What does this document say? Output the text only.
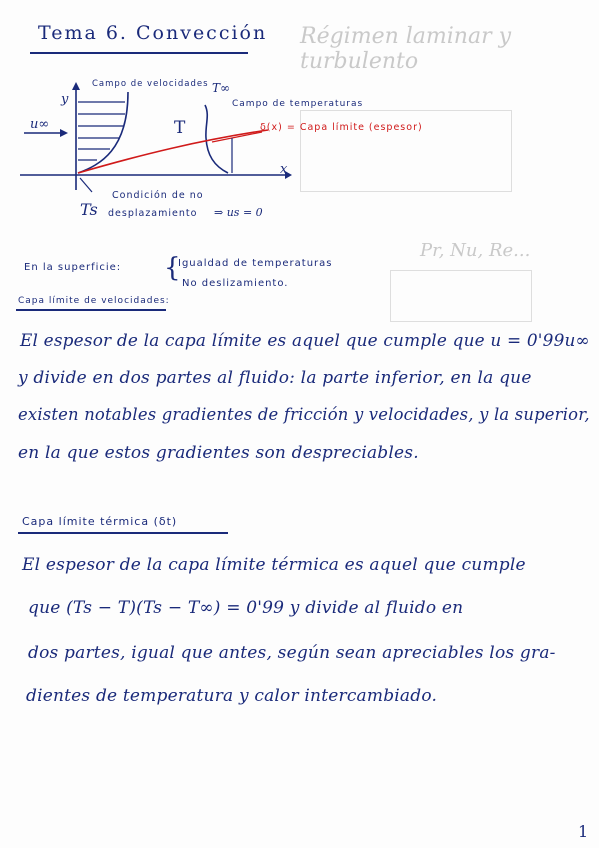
Régimen laminar y turbulento
Pr, Nu, Re...
Tema 6. Convección
Campo de velocidades T∞
Campo de temperaturas
δ(x) = Capa límite (espesor)
u∞
y
x
T
Ts
Condición de no
desplazamiento ⇒ us = 0
En la superficie: {
Igualdad de temperaturas
No deslizamiento.
Capa límite de velocidades:
El espesor de la capa límite es aquel que cumple que u = 0'99u∞
y divide en dos partes al fluido: la parte inferior, en la que
existen notables gradientes de fricción y velocidades, y la superior,
en la que estos gradientes son despreciables.
Capa límite térmica (δt)
El espesor de la capa límite térmica es aquel que cumple
que (Ts − T)(Ts − T∞) = 0'99 y divide al fluido en
dos partes, igual que antes, según sean apreciables los gra-
dientes de temperatura y calor intercambiado.
1
